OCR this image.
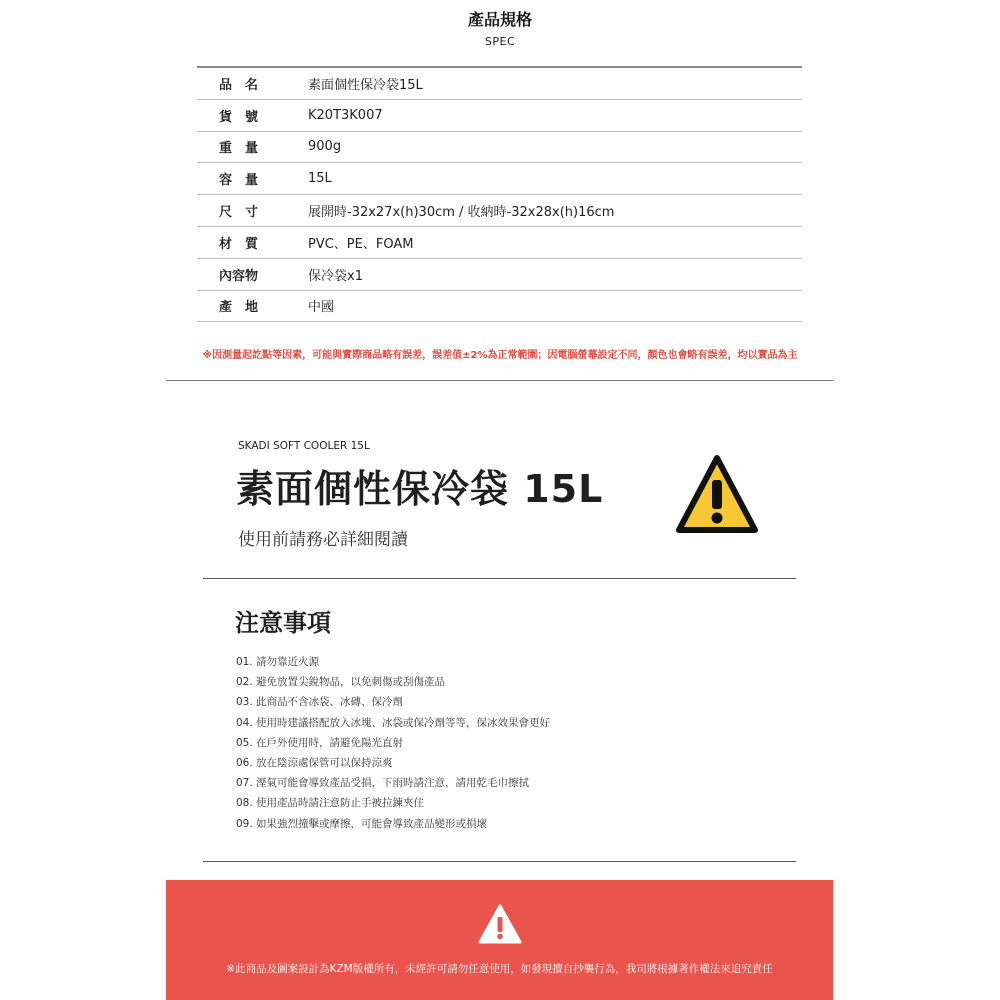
產品規格
SPEC
品　名	素面個性保冷袋15L
貨　號	K20T3K007
重　量	900g
容　量	15L
尺　寸	展開時-32x27x(h)30cm / 收納時-32x28x(h)16cm
材　質	PVC、PE、FOAM
內容物	保冷袋x1
產　地	中國
※因測量起訖點等因素，可能與實際商品略有誤差，誤差值±2%為正常範圍；因電腦螢幕設定不同，顏色也會略有誤差，均以實品為主
SKADI SOFT COOLER 15L
素面個性保冷袋 15L
使用前請務必詳細閱讀
注意事項
01. 請勿靠近火源
02. 避免放置尖銳物品，以免刺傷或刮傷產品
03. 此商品不含冰袋、冰磚、保冷劑
04. 使用時建議搭配放入冰塊、冰袋或保冷劑等等，保冰效果會更好
05. 在戶外使用時，請避免陽光直射
06. 放在陰涼處保管可以保持涼爽
07. 溼氣可能會導致產品受損，下雨時請注意，請用乾毛巾擦拭
08. 使用產品時請注意防止手被拉鍊夾住
09. 如果強烈撞擊或摩擦，可能會導致產品變形或損壞
※此商品及圖案設計為KZM版權所有，未經許可請勿任意使用，如發現擅自抄襲行為，我司將根據著作權法來追究責任
